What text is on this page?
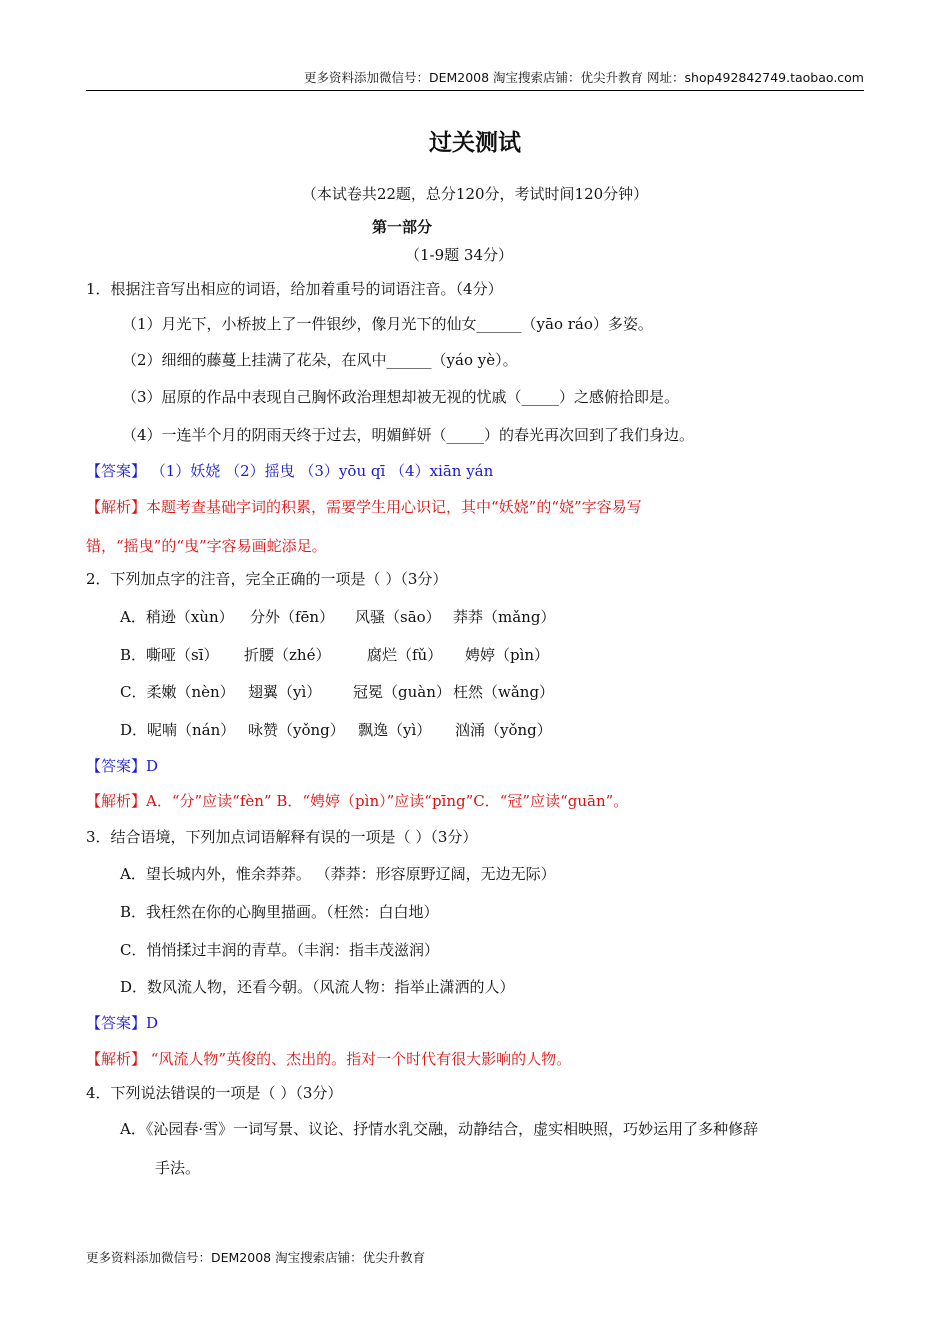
更多资料添加微信号：DEM2008 淘宝搜索店铺：优尖升教育 网址：shop492842749.taobao.com
过关测试
（本试卷共22题，总分120分，考试时间120分钟）
第一部分
（1-9题 34分）
1．根据注音写出相应的词语，给加着重号的词语注音。（4分）
（1）月光下，小桥披上了一件银纱，像月光下的仙女______（yāo ráo）多姿。
（2）细细的藤蔓上挂满了花朵，在风中______（yáo yè）。
（3）屈原的作品中表现自己胸怀政治理想却被无视的忧戚（_____）之感俯拾即是。
（4）一连半个月的阴雨天终于过去，明媚鲜妍（_____）的春光再次回到了我们身边。
【答案】 （1）妖娆 （2）摇曳 （3）yōu qī （4）xiān yán
【解析】本题考查基础字词的积累，需要学生用心识记，其中“妖娆”的“娆”字容易写
错，“摇曳”的“曳”字容易画蛇添足。
2．下列加点字的注音，完全正确的一项是（ ）（3分）
A．稍逊（xùn） 分外（fēn） 风骚（sāo） 莽莽（mǎng）
B．嘶哑（sī） 折腰（zhé） 腐烂（fǔ） 娉婷（pìn）
C．柔嫩（nèn） 翅翼（yì） 冠冕（guàn） 枉然（wǎng）
D．呢喃（nán） 咏赞（yǒng） 飘逸（yì） 汹涌（yǒng）
【答案】D
【解析】A．“分”应读“fèn” B．“娉婷（pìn）”应读“pīng”C．“冠”应读“guān”。
3．结合语境，下列加点词语解释有误的一项是（ ）（3分）
A．望长城内外，惟余莽莽。 （莽莽：形容原野辽阔，无边无际）
B．我枉然在你的心胸里描画。（枉然：白白地）
C．悄悄揉过丰润的青草。（丰润：指丰茂滋润）
D．数风流人物，还看今朝。（风流人物：指举止潇洒的人）
【答案】D
【解析】 “风流人物”英俊的、杰出的。指对一个时代有很大影响的人物。
4．下列说法错误的一项是（ ）（3分）
A．《沁园春·雪》一词写景、议论、抒情水乳交融，动静结合，虚实相映照，巧妙运用了多种修辞
手法。
更多资料添加微信号：DEM2008 淘宝搜索店铺：优尖升教育
